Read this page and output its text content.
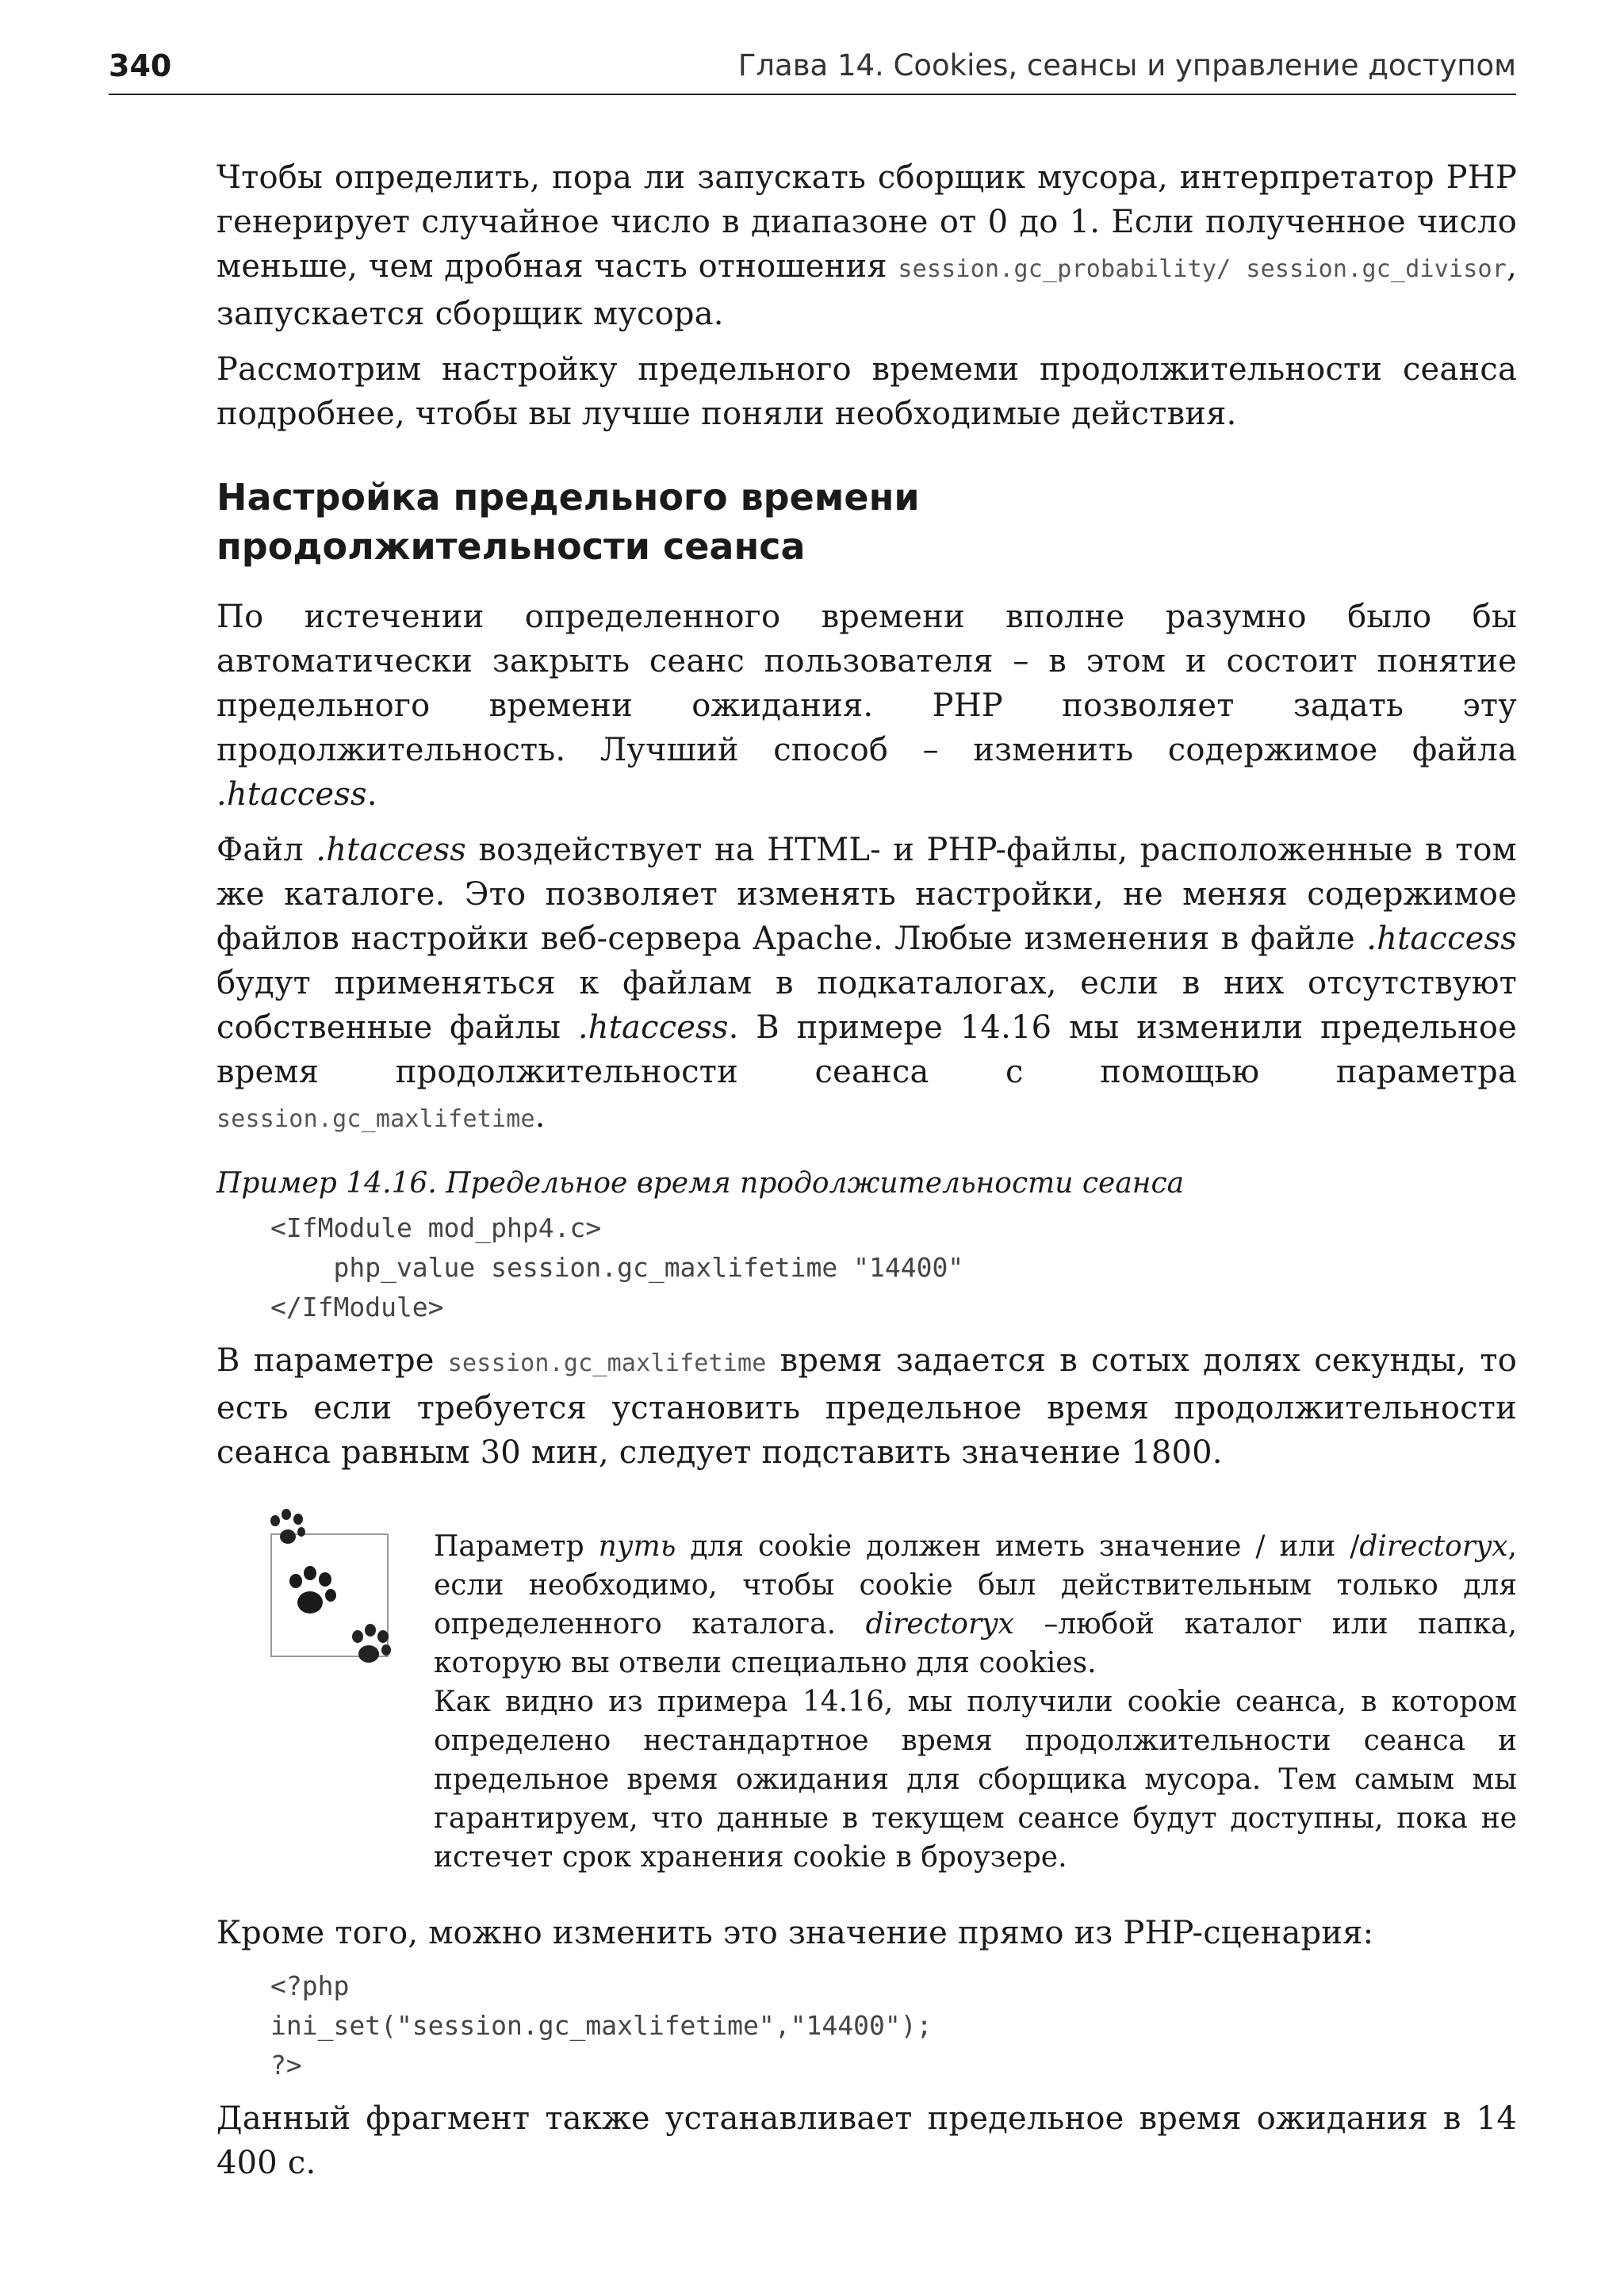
340	Глава 14. Cookies, сеансы и управление доступом

Чтобы определить, пора ли запускать сборщик мусора, интерпретатор PHP генерирует случайное число в диапазоне от 0 до 1. Если полученное число меньше, чем дробная часть отношения session.gc_probability/ session.gc_divisor, запускается сборщик мусора.

Рассмотрим настройку предельного времеми продолжительности сеанса подробнее, чтобы вы лучше поняли необходимые действия.

Настройка предельного времени
продолжительности сеанса

По истечении определенного времени вполне разумно было бы автоматически закрыть сеанс пользователя – в этом и состоит понятие предельного времени ожидания. PHP позволяет задать эту продолжительность. Лучший способ – изменить содержимое файла .htaccess.

Файл .htaccess воздействует на HTML- и PHP-файлы, расположенные в том же каталоге. Это позволяет изменять настройки, не меняя содержимое файлов настройки веб-сервера Apache. Любые изменения в файле .htaccess будут применяться к файлам в подкаталогах, если в них отсутствуют собственные файлы .htaccess. В примере 14.16 мы изменили предельное время продолжительности сеанса с помощью параметра session.gc_maxlifetime.

Пример 14.16. Предельное время продолжительности сеанса
<IfModule mod_php4.c>
php_value session.gc_maxlifetime "14400"
</IfModule>

В параметре session.gc_maxlifetime время задается в сотых долях секунды, то есть если требуется установить предельное время продолжительности сеанса равным 30 мин, следует подставить значение 1800.

Параметр путь для cookie должен иметь значение / или /directoryx, если необходимо, чтобы cookie был действительным только для определенного каталога. directoryx –любой каталог или папка, которую вы отвели специально для cookies.

Как видно из примера 14.16, мы получили cookie сеанса, в котором определено нестандартное время продолжительности сеанса и предельное время ожидания для сборщика мусора. Тем самым мы гарантируем, что данные в текущем сеансе будут доступны, пока не истечет срок хранения cookie в броузере.

Кроме того, можно изменить это значение прямо из PHP-сценария:

<?php
ini_set("session.gc_maxlifetime","14400");
?>

Данный фрагмент также устанавливает предельное время ожидания в 14 400 с.
